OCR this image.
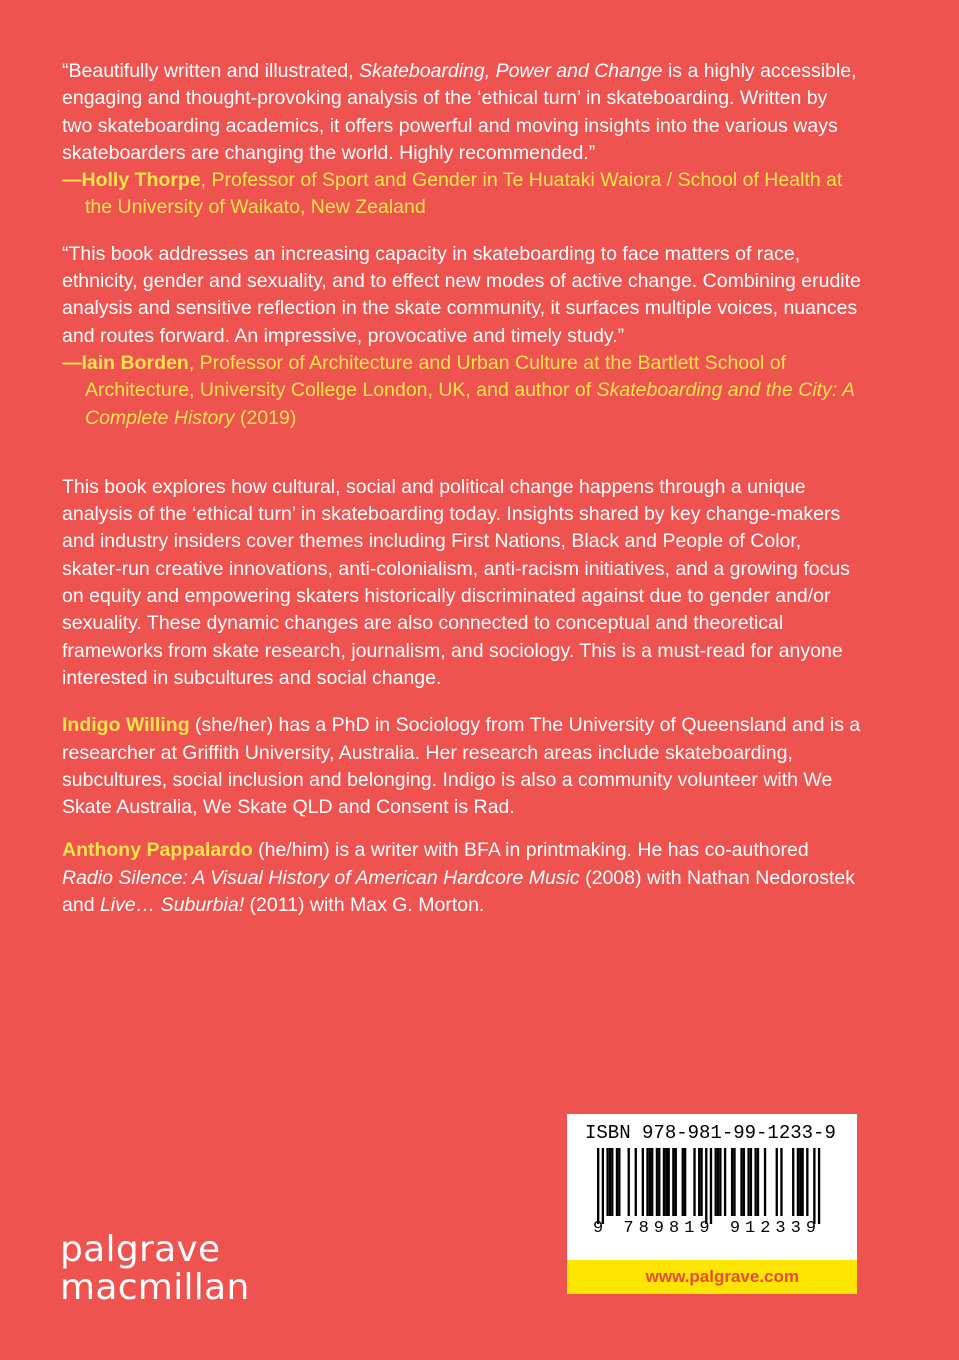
“Beautifully written and illustrated, Skateboarding, Power and Change is a highly accessible, engaging and thought-provoking analysis of the ‘ethical turn’ in skateboarding. Written by two skateboarding academics, it offers powerful and moving insights into the various ways skateboarders are changing the world. Highly recommended.”

—Holly Thorpe, Professor of Sport and Gender in Te Huataki Waiora / School of Health at the University of Waikato, New Zealand

“This book addresses an increasing capacity in skateboarding to face matters of race, ethnicity, gender and sexuality, and to effect new modes of active change. Combining erudite analysis and sensitive reflection in the skate community, it surfaces multiple voices, nuances and routes forward. An impressive, provocative and timely study.”

—Iain Borden, Professor of Architecture and Urban Culture at the Bartlett School of Architecture, University College London, UK, and author of Skateboarding and the City: A Complete History (2019)

This book explores how cultural, social and political change happens through a unique analysis of the ‘ethical turn’ in skateboarding today. Insights shared by key change-makers and industry insiders cover themes including First Nations, Black and People of Color, skater-run creative innovations, anti-colonialism, anti-racism initiatives, and a growing focus on equity and empowering skaters historically discriminated against due to gender and/or sexuality. These dynamic changes are also connected to conceptual and theoretical frameworks from skate research, journalism, and sociology. This is a must-read for anyone interested in subcultures and social change.

Indigo Willing (she/her) has a PhD in Sociology from The University of Queensland and is a researcher at Griffith University, Australia. Her research areas include skateboarding, subcultures, social inclusion and belonging. Indigo is also a community volunteer with We Skate Australia, We Skate QLD and Consent is Rad.

Anthony Pappalardo (he/him) is a writer with BFA in printmaking. He has co-authored Radio Silence: A Visual History of American Hardcore Music (2008) with Nathan Nedorostek and Live… Suburbia! (2011) with Max G. Morton.

palgrave
macmillan
ISBN 978-981-99-1233-9
9 789819 912339
www.palgrave.com
